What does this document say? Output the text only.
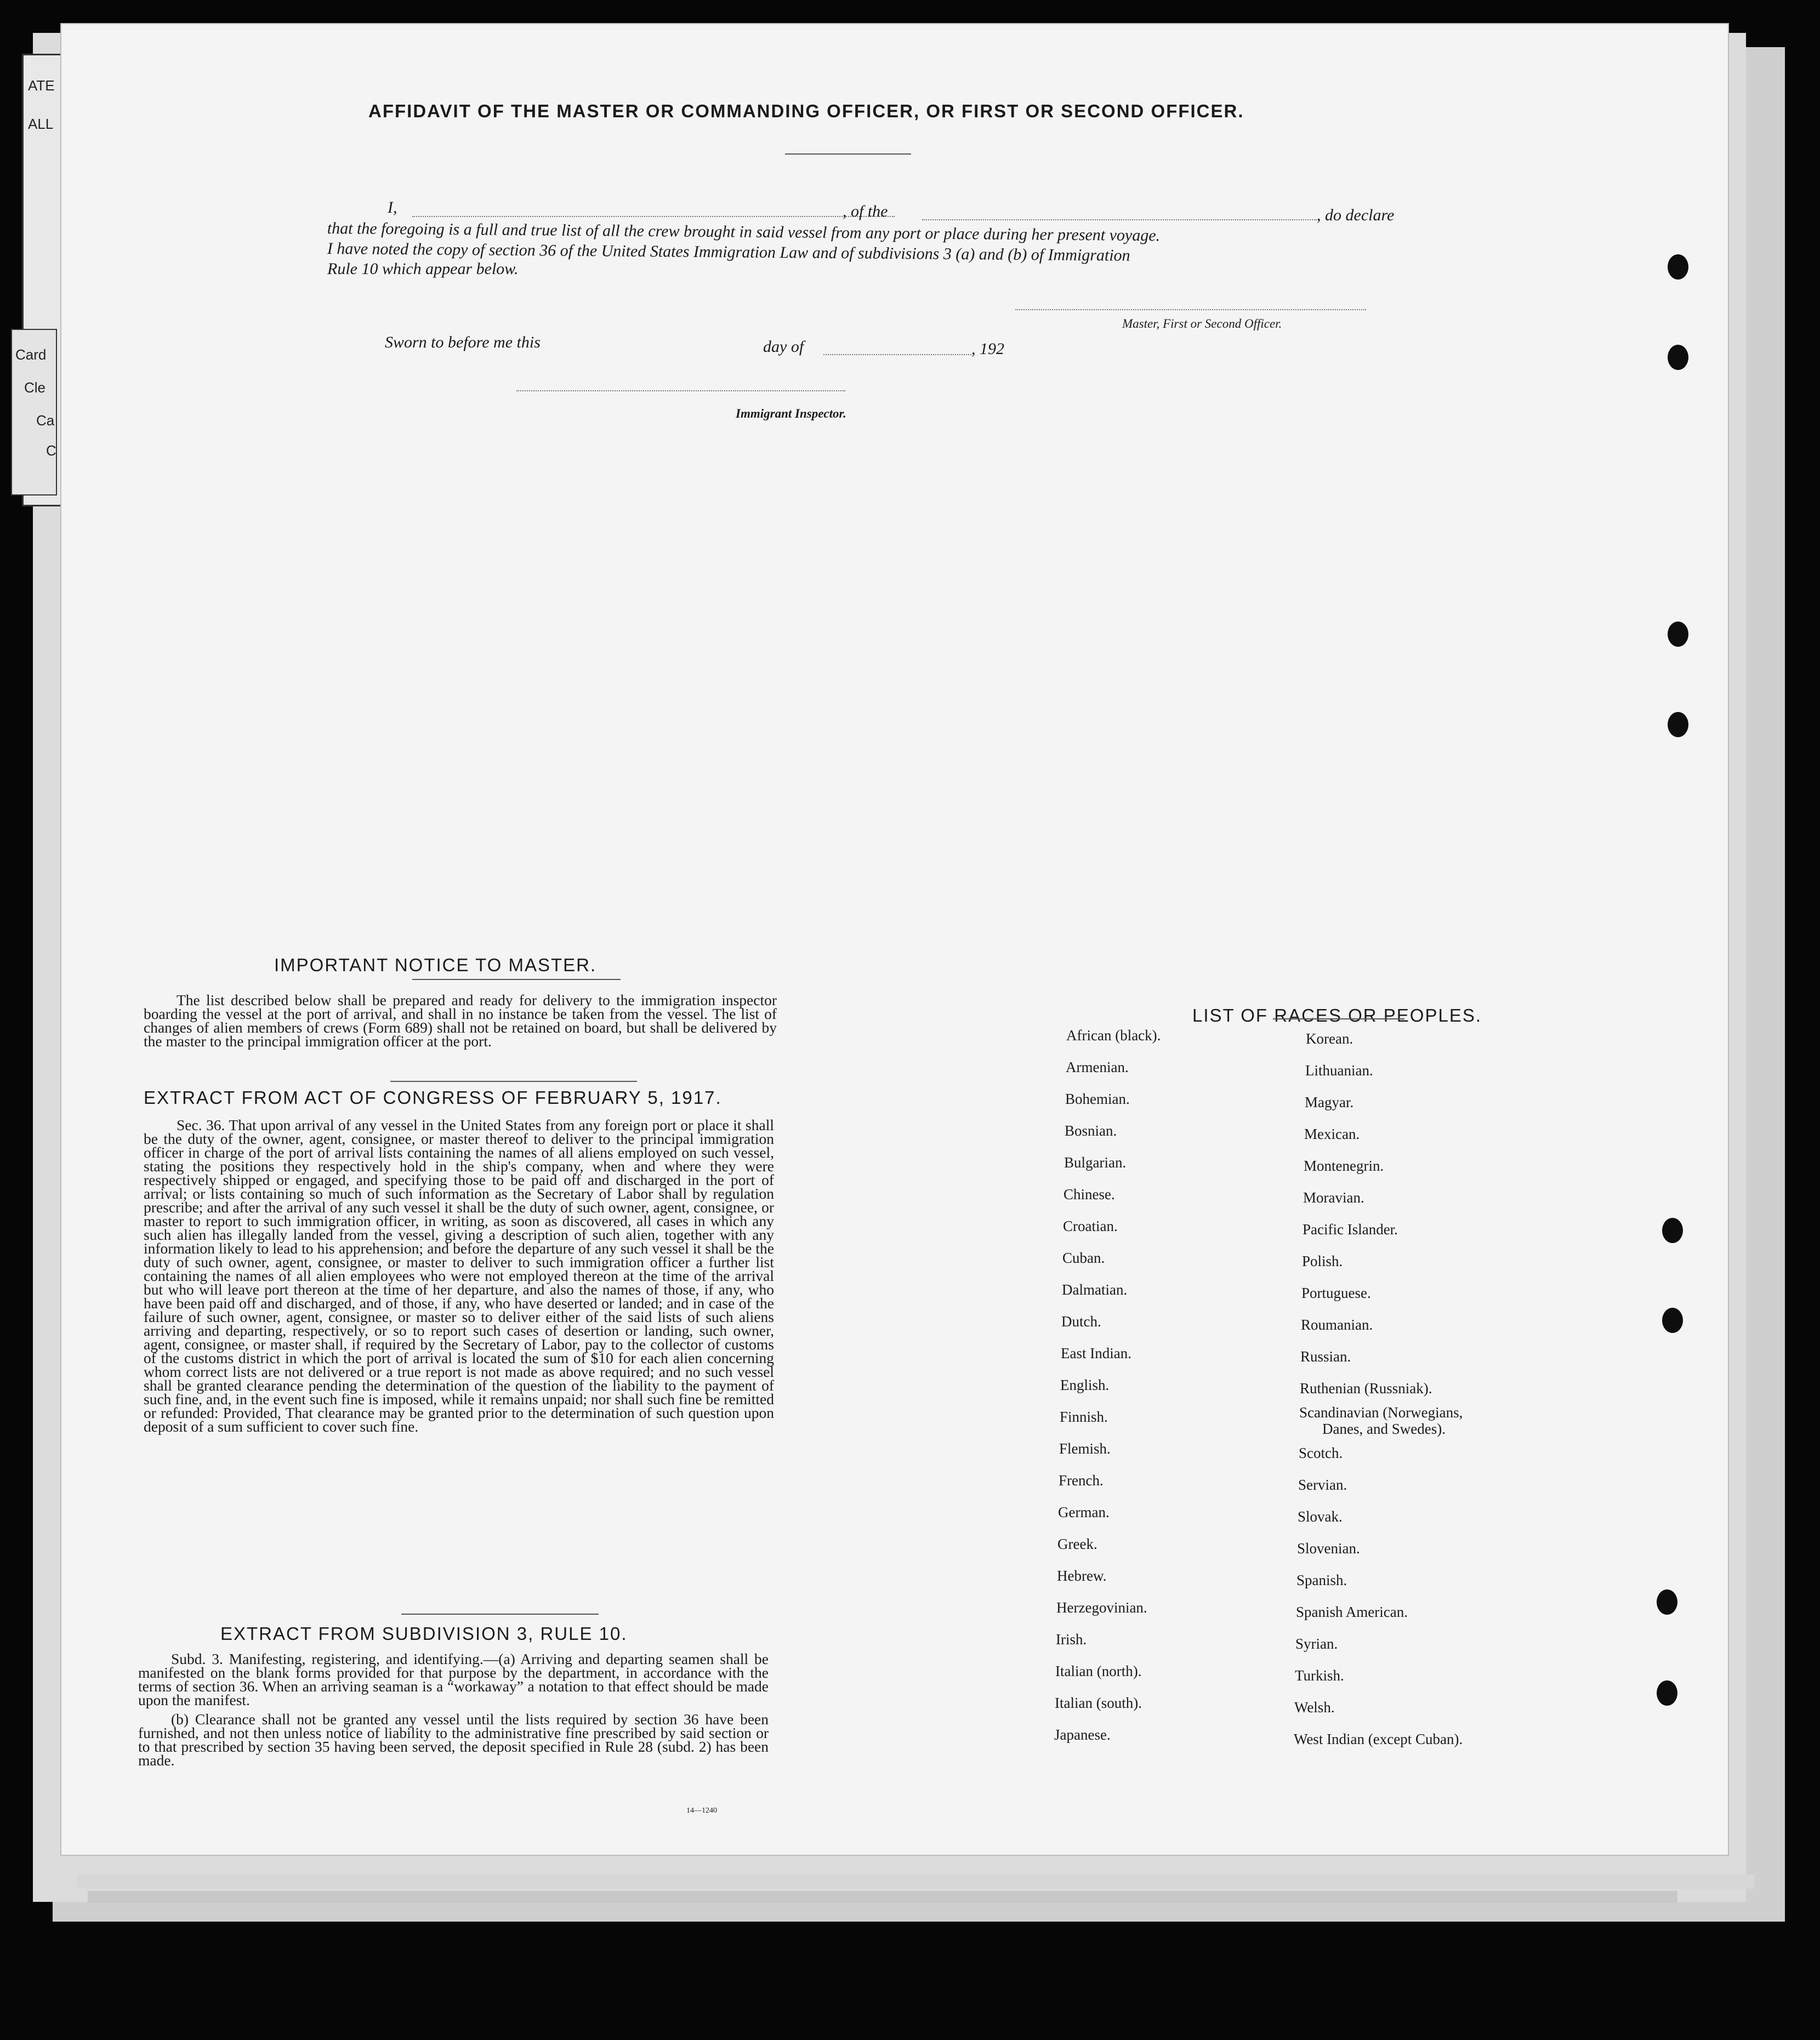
ATE
ALL
Card
Cle
Ca
C
AFFIDAVIT OF THE MASTER OR COMMANDING OFFICER, OR FIRST OR SECOND OFFICER.
I,	, of the	, do declare
that the foregoing is a full and true list of all the crew brought in said vessel from any port or place during her present voyage.
I have noted the copy of section 36 of the United States Immigration Law and of subdivisions 3 (a) and (b) of Immigration
Rule 10 which appear below.
Master, First or Second Officer.
Sworn to before me this	day of	, 192
Immigrant Inspector.
IMPORTANT NOTICE TO MASTER.

The list described below shall be prepared and ready for delivery to the immigration inspector boarding the vessel at the port of arrival, and shall in no instance be taken from the vessel. The list of changes of alien members of crews (Form 689) shall not be retained on board, but shall be delivered by the master to the principal immigration officer at the port.

EXTRACT FROM ACT OF CONGRESS OF FEBRUARY 5, 1917.

Sec. 36. That upon arrival of any vessel in the United States from any foreign port or place it shall be the duty of the owner, agent, consignee, or master thereof to deliver to the principal immigration officer in charge of the port of arrival lists containing the names of all aliens employed on such vessel, stating the positions they respectively hold in the ship's company, when and where they were respectively shipped or engaged, and specifying those to be paid off and discharged in the port of arrival; or lists containing so much of such information as the Secretary of Labor shall by regulation prescribe; and after the arrival of any such vessel it shall be the duty of such owner, agent, consignee, or master to report to such immigration officer, in writing, as soon as discovered, all cases in which any such alien has illegally landed from the vessel, giving a description of such alien, together with any information likely to lead to his apprehension; and before the departure of any such vessel it shall be the duty of such owner, agent, consignee, or master to deliver to such immigration officer a further list containing the names of all alien employees who were not employed thereon at the time of the arrival but who will leave port thereon at the time of her departure, and also the names of those, if any, who have been paid off and discharged, and of those, if any, who have deserted or landed; and in case of the failure of such owner, agent, consignee, or master so to deliver either of the said lists of such aliens arriving and departing, respectively, or so to report such cases of desertion or landing, such owner, agent, consignee, or master shall, if required by the Secretary of Labor, pay to the collector of customs of the customs district in which the port of arrival is located the sum of $10 for each alien concerning whom correct lists are not delivered or a true report is not made as above required; and no such vessel shall be granted clearance pending the determination of the question of the liability to the payment of such fine, and, in the event such fine is imposed, while it remains unpaid; nor shall such fine be remitted or refunded: Provided, That clearance may be granted prior to the determination of such question upon deposit of a sum sufficient to cover such fine.

EXTRACT FROM SUBDIVISION 3, RULE 10.

Subd. 3. Manifesting, registering, and identifying.—(a) Arriving and departing seamen shall be manifested on the blank forms provided for that purpose by the department, in accordance with the terms of section 36. When an arriving seaman is a “workaway” a notation to that effect should be made upon the manifest.

(b) Clearance shall not be granted any vessel until the lists required by section 36 have been furnished, and not then unless notice of liability to the administrative fine prescribed by said section or to that prescribed by section 35 having been served, the deposit specified in Rule 28 (subd. 2) has been made.

14—1240
LIST OF RACES OR PEOPLES.
African (black).
Armenian.
Bohemian.
Bosnian.
Bulgarian.
Chinese.
Croatian.
Cuban.
Dalmatian.
Dutch.
East Indian.
English.
Finnish.
Flemish.
French.
German.
Greek.
Hebrew.
Herzegovinian.
Irish.
Italian (north).
Italian (south).
Japanese.
Korean.
Lithuanian.
Magyar.
Mexican.
Montenegrin.
Moravian.
Pacific Islander.
Polish.
Portuguese.
Roumanian.
Russian.
Ruthenian (Russniak).
Scandinavian (Norwegians,
Danes, and Swedes).
Scotch.
Servian.
Slovak.
Slovenian.
Spanish.
Spanish American.
Syrian.
Turkish.
Welsh.
West Indian (except Cuban).
